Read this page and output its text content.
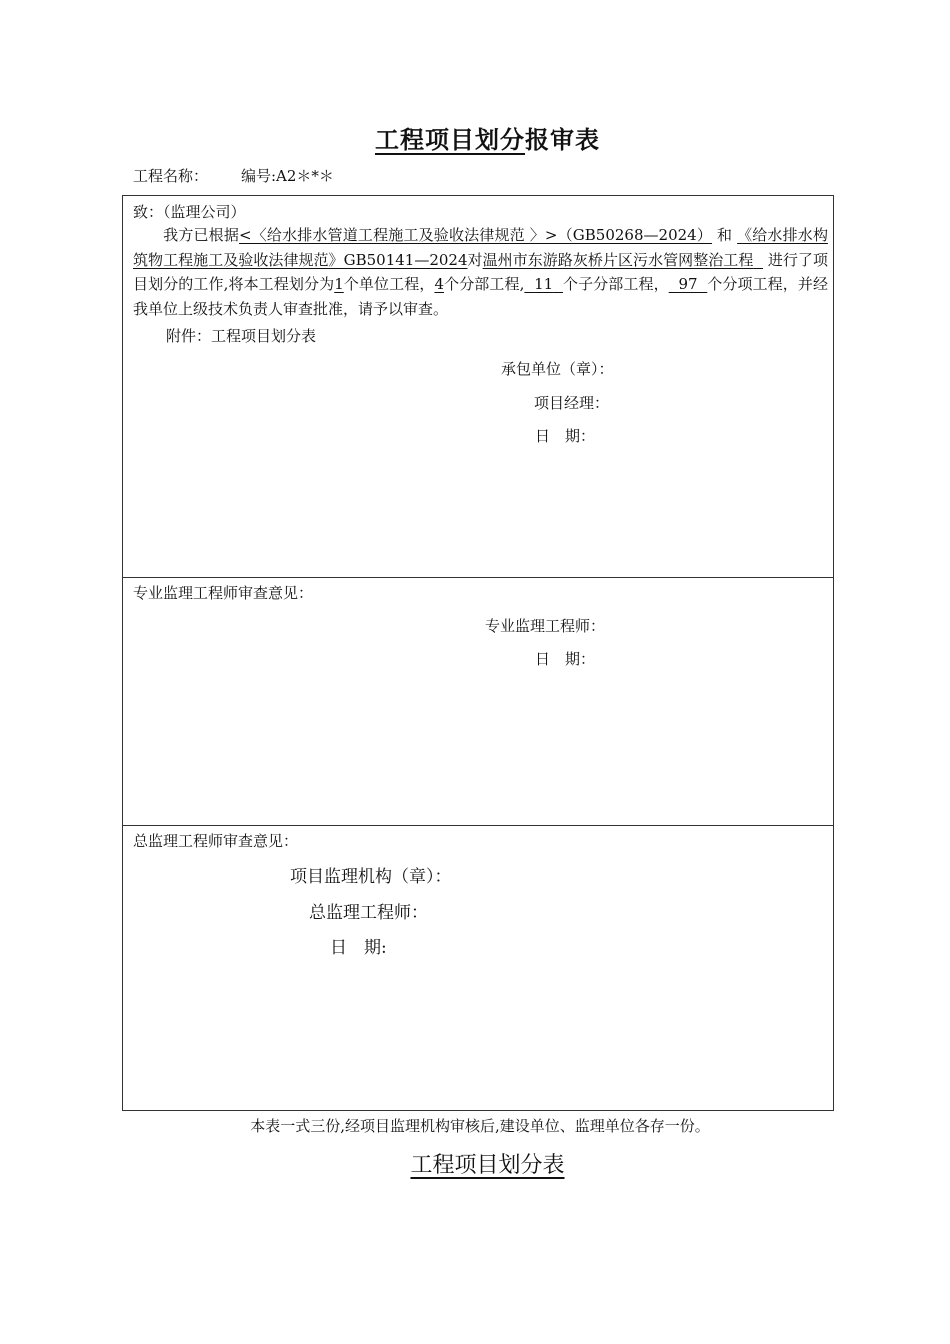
工程项目划分报审表
工程名称： 编号:A2＊*＊
致：（监理公司）
我方已根据<〈给水排水管道工程施工及验收法律规范 〉>（GB50268—2024） 和 《给水排水构筑物工程施工及验收法律规范》GB50141—2024对温州市东游路灰桥片区污水管网整治工程 进行了项目划分的工作,将本工程划分为1个单位工程，4个分部工程, 11 个子分部工程， 97 个分项工程，并经我单位上级技术负责人审查批准，请予以审查。
附件：工程项目划分表
承包单位（章）：
项目经理：
日　期：
专业监理工程师审查意见：
专业监理工程师：
日　期：
总监理工程师审查意见：
项目监理机构（章）：
总监理工程师：
日　期:
本表一式三份,经项目监理机构审核后,建设单位、监理单位各存一份。
工程项目划分表
